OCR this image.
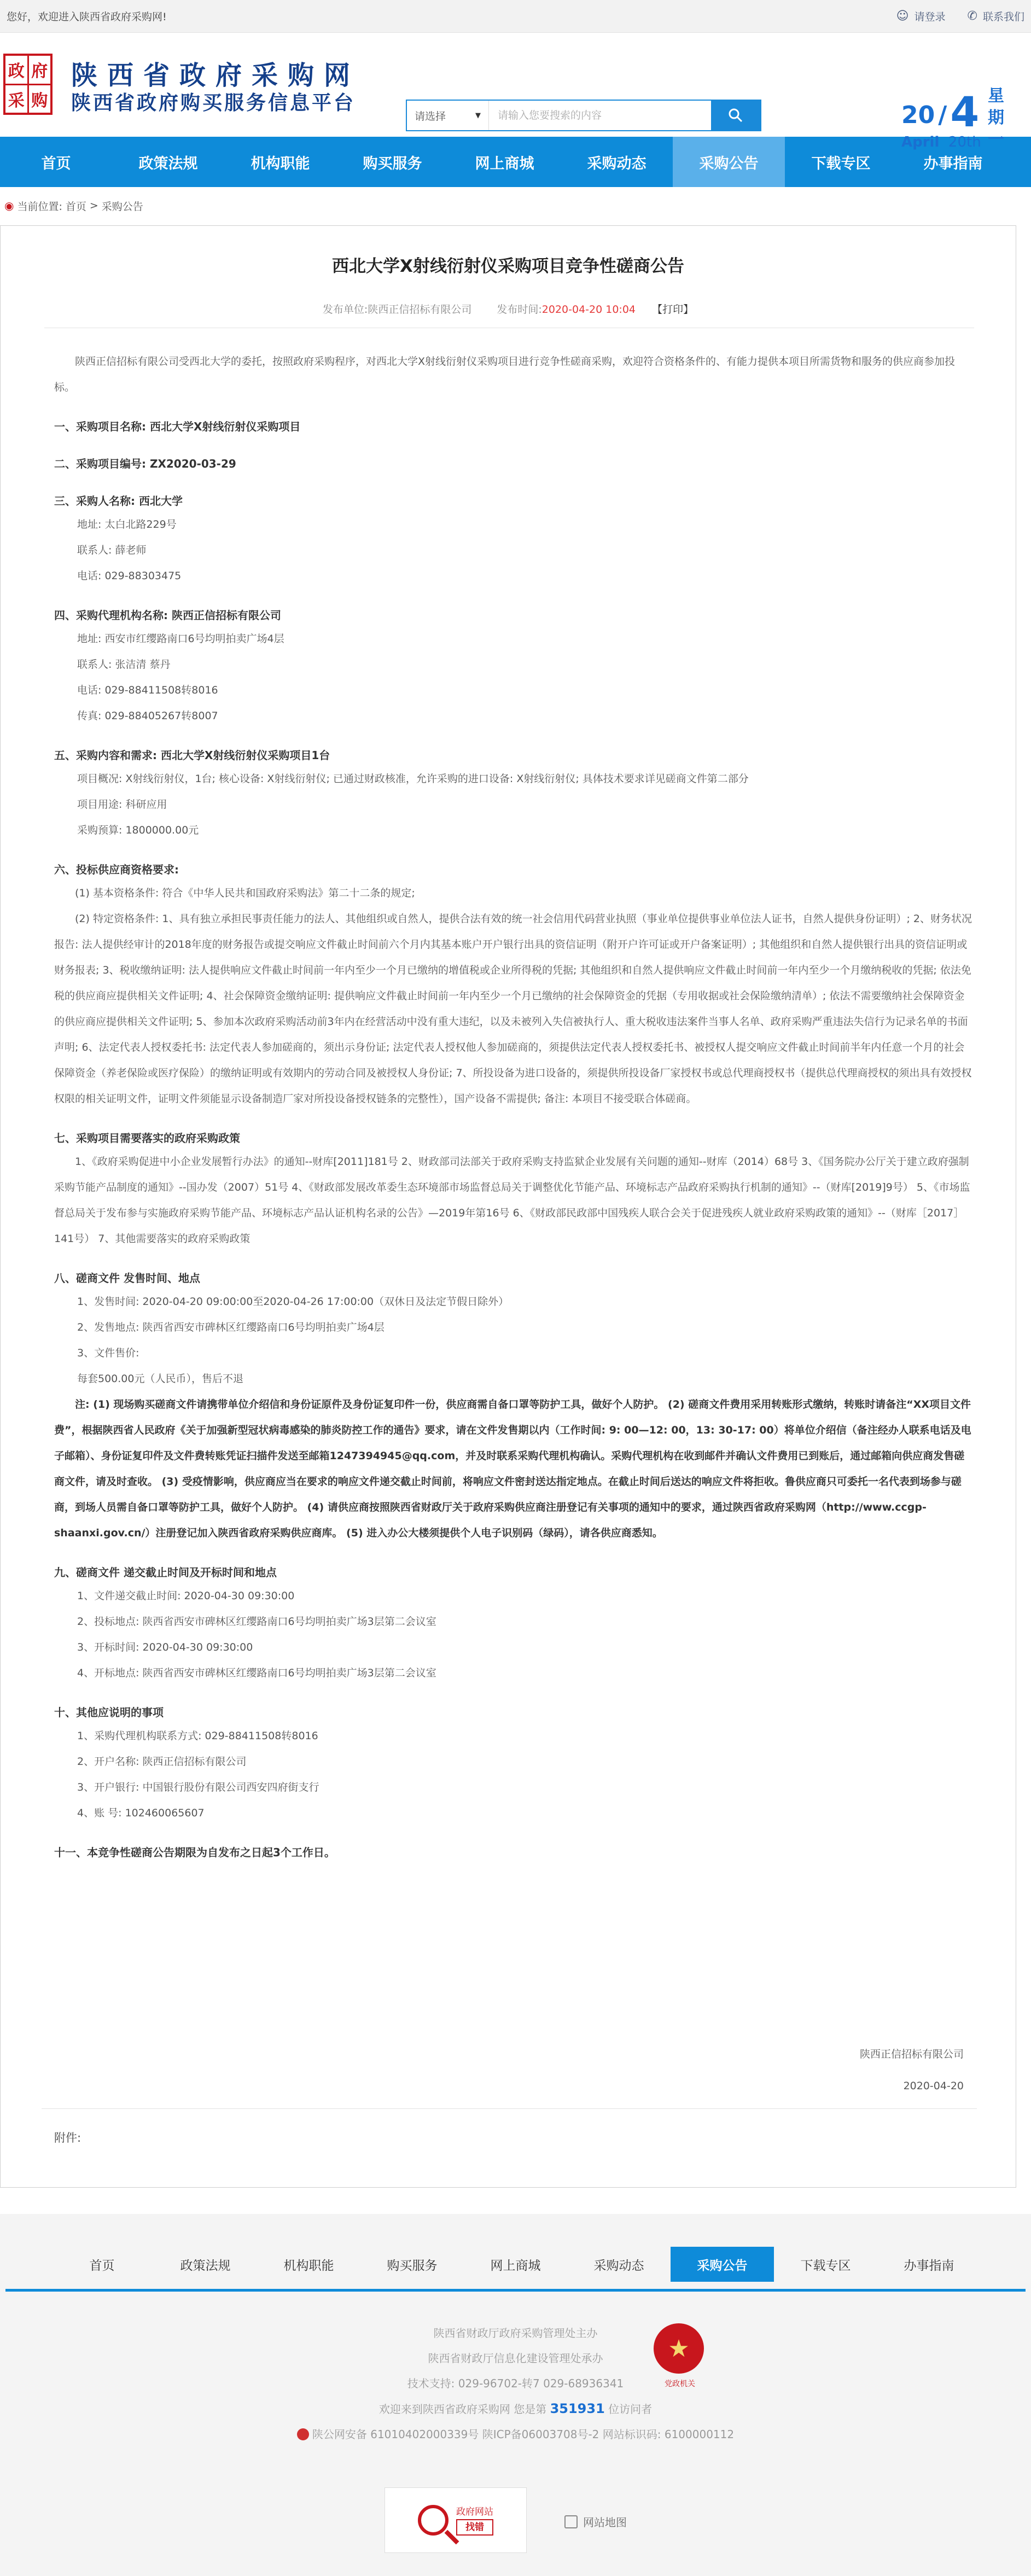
您好，欢迎进入陕西省政府采购网!	☺ 请登录 ✆ 联系我们
政 府
采 购
陕西省政府采购网
陕西省政府购买服务信息平台
请选择	▼
请输入您要搜索的内容	20 /4
April 20th
星
期
一
首页	政策法规	机构职能	购买服务	网上商城	采购动态	采购公告	下载专区	办事指南
◉ 当前位置: 首页 > 采购公告
西北大学X射线衍射仪采购项目竞争性磋商公告
发布单位:陕西正信招标有限公司 发布时间:2020-04-20 10:04 【打印】
陕西正信招标有限公司受西北大学的委托，按照政府采购程序，对西北大学X射线衍射仪采购项目进行竞争性磋商采购，欢迎符合资格条件的、有能力提供本项目所需货物和服务的供应商参加投标。
一、采购项目名称: 西北大学X射线衍射仪采购项目
二、采购项目编号: ZX2020-03-29
三、采购人名称: 西北大学
地址: 太白北路229号
联系人: 薛老师
电话: 029-88303475
四、采购代理机构名称: 陕西正信招标有限公司
地址: 西安市红缨路南口6号均明拍卖广场4层
联系人: 张洁清 蔡丹
电话: 029-88411508转8016
传真: 029-88405267转8007
五、采购内容和需求: 西北大学X射线衍射仪采购项目1台
项目概况: X射线衍射仪，1台; 核心设备: X射线衍射仪; 已通过财政核准，允许采购的进口设备: X射线衍射仪; 具体技术要求详见磋商文件第二部分
项目用途: 科研应用
采购预算: 1800000.00元
六、投标供应商资格要求:
(1) 基本资格条件: 符合《中华人民共和国政府采购法》第二十二条的规定;
(2) 特定资格条件: 1、具有独立承担民事责任能力的法人、其他组织或自然人，提供合法有效的统一社会信用代码营业执照（事业单位提供事业单位法人证书，自然人提供身份证明）; 2、财务状况报告: 法人提供经审计的2018年度的财务报告或提交响应文件截止时间前六个月内其基本账户开户银行出具的资信证明（附开户许可证或开户备案证明）; 其他组织和自然人提供银行出具的资信证明或财务报表; 3、税收缴纳证明: 法人提供响应文件截止时间前一年内至少一个月已缴纳的增值税或企业所得税的凭据; 其他组织和自然人提供响应文件截止时间前一年内至少一个月缴纳税收的凭据; 依法免税的供应商应提供相关文件证明; 4、社会保障资金缴纳证明: 提供响应文件截止时间前一年内至少一个月已缴纳的社会保障资金的凭据（专用收据或社会保险缴纳清单）; 依法不需要缴纳社会保障资金的供应商应提供相关文件证明; 5、参加本次政府采购活动前3年内在经营活动中没有重大违纪，以及未被列入失信被执行人、重大税收违法案件当事人名单、政府采购严重违法失信行为记录名单的书面声明; 6、法定代表人授权委托书: 法定代表人参加磋商的，须出示身份证; 法定代表人授权他人参加磋商的，须提供法定代表人授权委托书、被授权人提交响应文件截止时间前半年内任意一个月的社会保障资金（养老保险或医疗保险）的缴纳证明或有效期内的劳动合同及被授权人身份证; 7、所投设备为进口设备的，须提供所投设备厂家授权书或总代理商授权书（提供总代理商授权的须出具有效授权权限的相关证明文件，证明文件须能显示设备制造厂家对所投设备授权链条的完整性），国产设备不需提供; 备注: 本项目不接受联合体磋商。
七、采购项目需要落实的政府采购政策
1、《政府采购促进中小企业发展暂行办法》的通知--财库[2011]181号 2、财政部司法部关于政府采购支持监狱企业发展有关问题的通知--财库（2014）68号 3、《国务院办公厅关于建立政府强制采购节能产品制度的通知》--国办发（2007）51号 4、《财政部发展改革委生态环境部市场监督总局关于调整优化节能产品、环境标志产品政府采购执行机制的通知》--（财库[2019]9号） 5、《市场监督总局关于发布参与实施政府采购节能产品、环境标志产品认证机构名录的公告》—2019年第16号 6、《财政部民政部中国残疾人联合会关于促进残疾人就业政府采购政策的通知》--（财库［2017］141号） 7、其他需要落实的政府采购政策
八、磋商文件 发售时间、地点
1、发售时间: 2020-04-20 09:00:00至2020-04-26 17:00:00（双休日及法定节假日除外）
2、发售地点: 陕西省西安市碑林区红缨路南口6号均明拍卖广场4层
3、文件售价:
每套500.00元（人民币），售后不退
注: (1) 现场购买磋商文件请携带单位介绍信和身份证原件及身份证复印件一份，供应商需自备口罩等防护工具，做好个人防护。 (2) 磋商文件费用采用转账形式缴纳，转账时请备注“XX项目文件费”，根据陕西省人民政府《关于加强新型冠状病毒感染的肺炎防控工作的通告》要求，请在文件发售期以内（工作时间: 9: 00—12: 00，13: 30-17: 00）将单位介绍信（备注经办人联系电话及电子邮箱）、身份证复印件及文件费转账凭证扫描件发送至邮箱1247394945@qq.com，并及时联系采购代理机构确认。采购代理机构在收到邮件并确认文件费用已到账后，通过邮箱向供应商发售磋商文件，请及时查收。 (3) 受疫情影响，供应商应当在要求的响应文件递交截止时间前，将响应文件密封送达指定地点。在截止时间后送达的响应文件将拒收。鲁供应商只可委托一名代表到场参与磋商，到场人员需自备口罩等防护工具，做好个人防护。 (4) 请供应商按照陕西省财政厅关于政府采购供应商注册登记有关事项的通知中的要求，通过陕西省政府采购网（http://www.ccgp-shaanxi.gov.cn/）注册登记加入陕西省政府采购供应商库。 (5) 进入办公大楼须提供个人电子识别码（绿码），请各供应商悉知。
九、磋商文件 递交截止时间及开标时间和地点
1、文件递交截止时间: 2020-04-30 09:30:00
2、投标地点: 陕西省西安市碑林区红缨路南口6号均明拍卖广场3层第二会议室
3、开标时间: 2020-04-30 09:30:00
4、开标地点: 陕西省西安市碑林区红缨路南口6号均明拍卖广场3层第二会议室
十、其他应说明的事项
1、采购代理机构联系方式: 029-88411508转8016
2、开户名称: 陕西正信招标有限公司
3、开户银行: 中国银行股份有限公司西安四府街支行
4、账 号: 102460065607
十一、本竞争性磋商公告期限为自发布之日起3个工作日。
陕西正信招标有限公司
2020-04-20
附件:
首页	政策法规	机构职能	购买服务	网上商城	采购动态	采购公告	下载专区	办事指南
陕西省财政厅政府采购管理处主办
陕西省财政厅信息化建设管理处承办
技术支持: 029-96702-转7 029-68936341
欢迎来到陕西省政府采购网 您是第 351931 位访问者
陕公网安备 61010402000339号 陕ICP备06003708号-2 网站标识码: 6100000112
★
党政机关
政府网站
找错	网站地图
